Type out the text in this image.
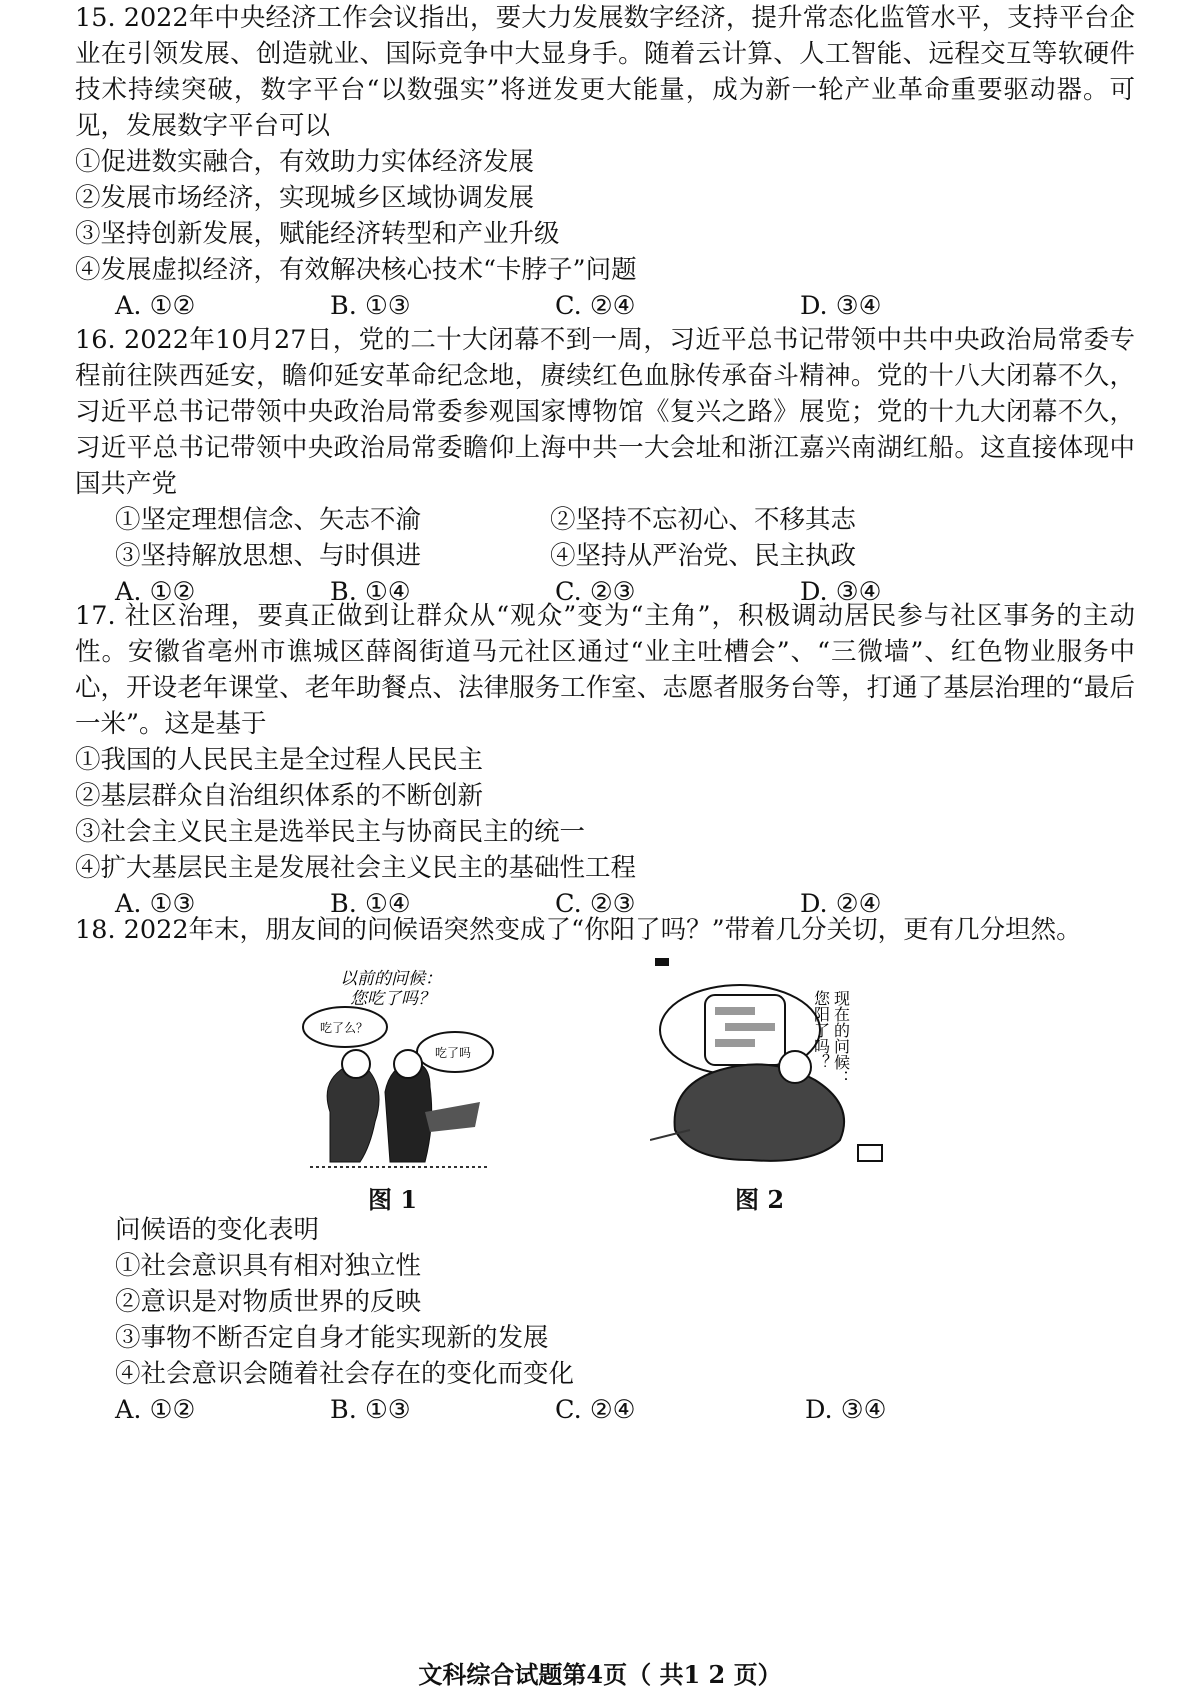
15. 2022年中央经济工作会议指出，要大力发展数字经济，提升常态化监管水平，支持平台企业在引领发展、创造就业、国际竞争中大显身手。随着云计算、人工智能、远程交互等软硬件技术持续突破，数字平台“以数强实”将迸发更大能量，成为新一轮产业革命重要驱动器。可见，发展数字平台可以

①促进数实融合，有效助力实体经济发展

②发展市场经济，实现城乡区域协调发展

③坚持创新发展，赋能经济转型和产业升级

④发展虚拟经济，有效解决核心技术“卡脖子”问题

A. ①②	B. ①③	C. ②④	D. ③④

16. 2022年10月27日，党的二十大闭幕不到一周，习近平总书记带领中共中央政治局常委专程前往陕西延安，瞻仰延安革命纪念地，赓续红色血脉传承奋斗精神。党的十八大闭幕不久，习近平总书记带领中央政治局常委参观国家博物馆《复兴之路》展览；党的十九大闭幕不久，习近平总书记带领中央政治局常委瞻仰上海中共一大会址和浙江嘉兴南湖红船。这直接体现中国共产党

①坚定理想信念、矢志不渝	②坚持不忘初心、不移其志
③坚持解放思想、与时俱进	④坚持从严治党、民主执政
A. ①②	B. ①④	C. ②③	D. ③④

17. 社区治理，要真正做到让群众从“观众”变为“主角”，积极调动居民参与社区事务的主动性。安徽省亳州市谯城区薛阁街道马元社区通过“业主吐槽会”、“三微墙”、红色物业服务中心，开设老年课堂、老年助餐点、法律服务工作室、志愿者服务台等，打通了基层治理的“最后一米”。这是基于

①我国的人民民主是全过程人民民主

②基层群众自治组织体系的不断创新

③社会主义民主是选举民主与协商民主的统一

④扩大基层民主是发展社会主义民主的基础性工程

A. ①③	B. ①④	C. ②③	D. ②④

18. 2022年末，朋友间的问候语突然变成了“你阳了吗？”带着几分关切，更有几分坦然。

以前的问候：
您吃了吗？
吃了么？
吃了吗
图 1
现在的问候：
您阳了吗？
图 2

问候语的变化表明

①社会意识具有相对独立性

②意识是对物质世界的反映

③事物不断否定自身才能实现新的发展

④社会意识会随着社会存在的变化而变化

A. ①②	B. ①③	C. ②④	D. ③④
文科综合试题第4页（ 共1 2 页）
